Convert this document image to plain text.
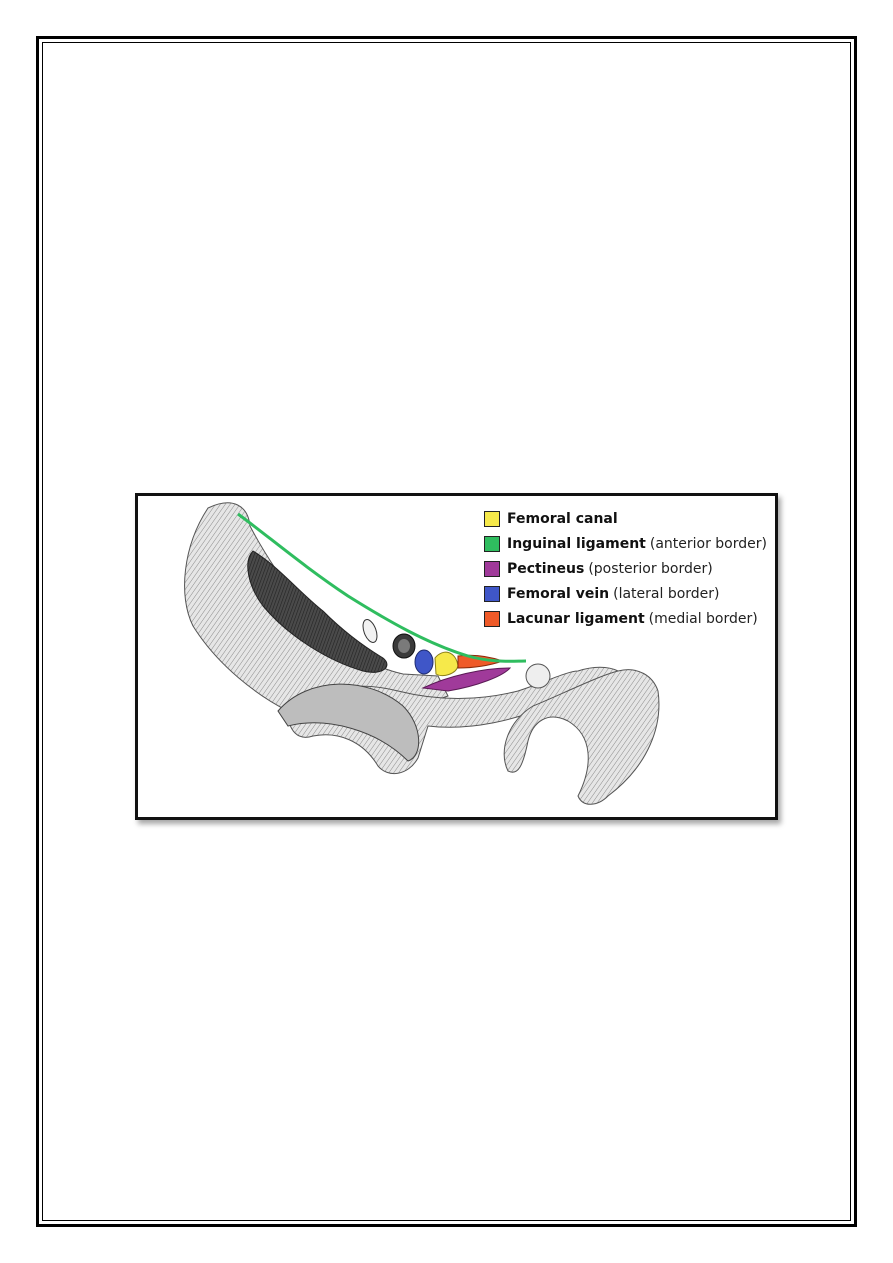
Femoral canal
Inguinal ligament (anterior border)
Pectineus (posterior border)
Femoral vein (lateral border)
Lacunar ligament (medial border)
